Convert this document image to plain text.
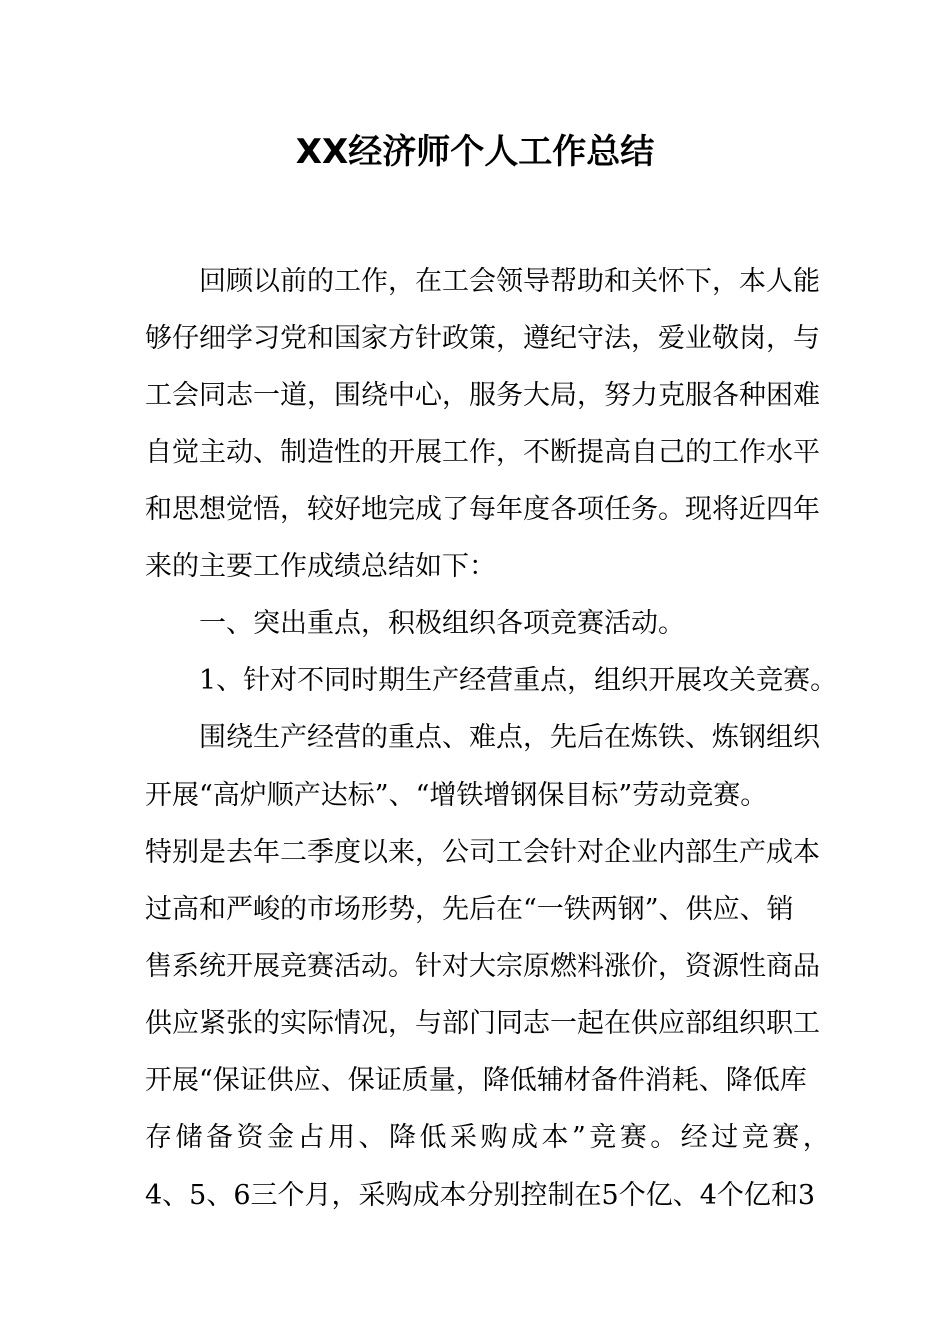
XX经济师个人工作总结

　　回顾以前的工作，在工会领导帮助和关怀下，本人能

够仔细学习党和国家方针政策，遵纪守法，爱业敬岗，与

工会同志一道，围绕中心，服务大局，努力克服各种困难

自觉主动、制造性的开展工作，不断提高自己的工作水平

和思想觉悟，较好地完成了每年度各项任务。现将近四年

来的主要工作成绩总结如下：

　　一、突出重点，积极组织各项竞赛活动。

　　1、针对不同时期生产经营重点，组织开展攻关竞赛。

　　围绕生产经营的重点、难点，先后在炼铁、炼钢组织

开展“高炉顺产达标”、“增铁增钢保目标”劳动竞赛。

特别是去年二季度以来，公司工会针对企业内部生产成本

过高和严峻的市场形势，先后在“一铁两钢”、供应、销

售系统开展竞赛活动。针对大宗原燃料涨价，资源性商品

供应紧张的实际情况，与部门同志一起在供应部组织职工

开展“保证供应、保证质量，降低辅材备件消耗、降低库

存储备资金占用、降低采购成本”竞赛。经过竞赛，

4、5、6三个月，采购成本分别控制在5个亿、4个亿和3
